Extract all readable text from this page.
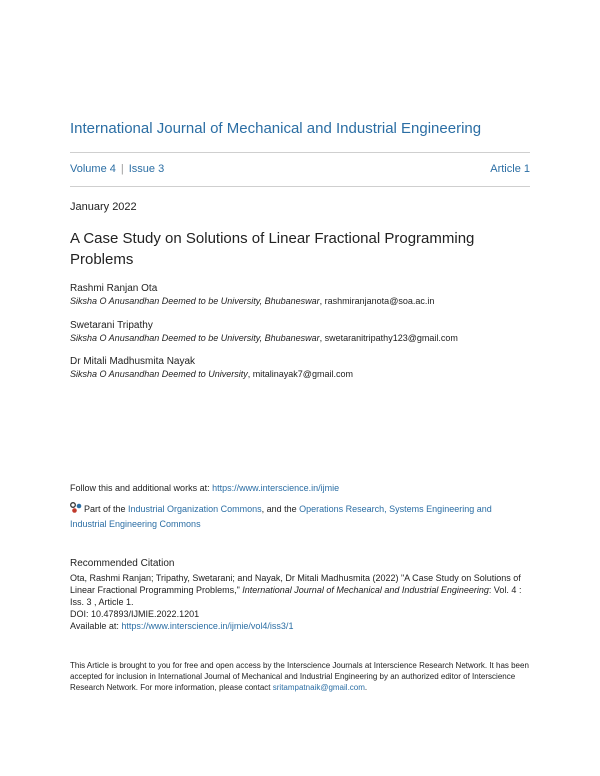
International Journal of Mechanical and Industrial Engineering
Volume 4 | Issue 3	Article 1
January 2022
A Case Study on Solutions of Linear Fractional Programming Problems
Rashmi Ranjan Ota
Siksha O Anusandhan Deemed to be University, Bhubaneswar, rashmiranjanota@soa.ac.in
Swetarani Tripathy
Siksha O Anusandhan Deemed to be University, Bhubaneswar, swetaranitripathy123@gmail.com
Dr Mitali Madhusmita Nayak
Siksha O Anusandhan Deemed to University, mitalinayak7@gmail.com
Follow this and additional works at: https://www.interscience.in/ijmie
Part of the Industrial Organization Commons, and the Operations Research, Systems Engineering and Industrial Engineering Commons
Recommended Citation
Ota, Rashmi Ranjan; Tripathy, Swetarani; and Nayak, Dr Mitali Madhusmita (2022) "A Case Study on Solutions of Linear Fractional Programming Problems," International Journal of Mechanical and Industrial Engineering: Vol. 4 : Iss. 3 , Article 1.
DOI: 10.47893/IJMIE.2022.1201
Available at: https://www.interscience.in/ijmie/vol4/iss3/1
This Article is brought to you for free and open access by the Interscience Journals at Interscience Research Network. It has been accepted for inclusion in International Journal of Mechanical and Industrial Engineering by an authorized editor of Interscience Research Network. For more information, please contact sritampatnaik@gmail.com.
